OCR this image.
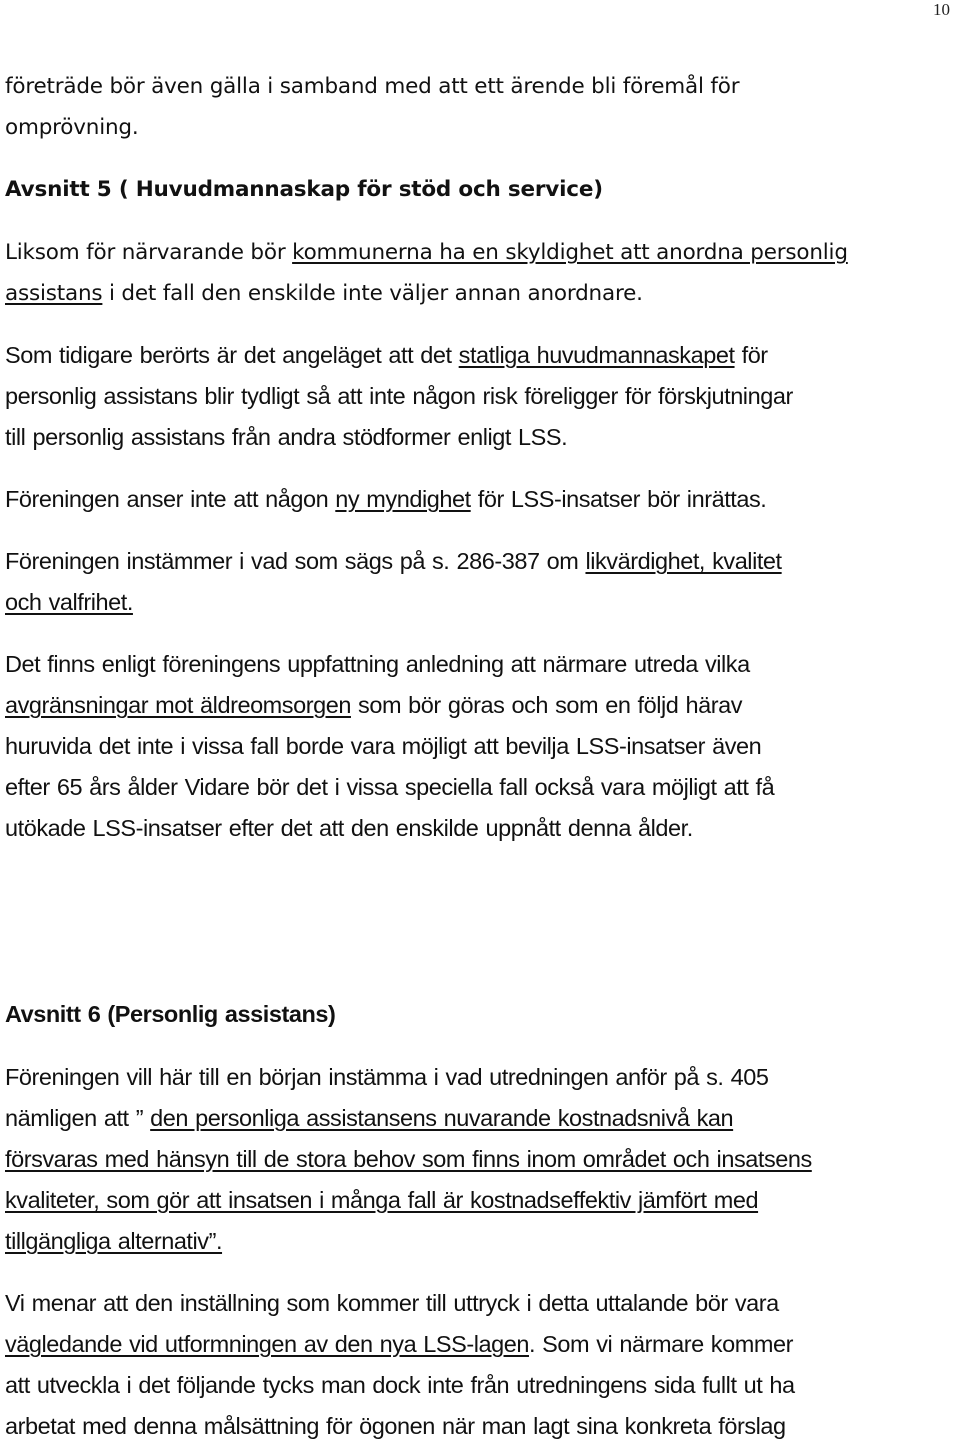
10

företräde bör även gälla i samband med att ett ärende bli föremål för

omprövning.

Avsnitt 5 ( Huvudmannaskap för stöd och service)

Liksom för närvarande bör kommunerna ha en skyldighet att anordna personlig

assistans i det fall den enskilde inte väljer annan anordnare.

Som tidigare berörts är det angeläget att det statliga huvudmannaskapet för

personlig assistans blir tydligt så att inte någon risk föreligger för förskjutningar

till personlig assistans från andra stödformer enligt LSS.

Föreningen anser inte att någon ny myndighet för LSS-insatser bör inrättas.

Föreningen instämmer i vad som sägs på s. 286-387 om likvärdighet, kvalitet

och valfrihet.

Det finns enligt föreningens uppfattning anledning att närmare utreda vilka

avgränsningar mot äldreomsorgen som bör göras och som en följd härav

huruvida det inte i vissa fall borde vara möjligt att bevilja LSS-insatser även

efter 65 års ålder Vidare bör det i vissa speciella fall också vara möjligt att få

utökade LSS-insatser efter det att den enskilde uppnått denna ålder.

Avsnitt 6 (Personlig assistans)

Föreningen vill här till en början instämma i vad utredningen anför på s. 405

nämligen att ” den personliga assistansens nuvarande kostnadsnivå kan

försvaras med hänsyn till de stora behov som finns inom området och insatsens

kvaliteter, som gör att insatsen i många fall är kostnadseffektiv jämfört med

tillgängliga alternativ”.

Vi menar att den inställning som kommer till uttryck i detta uttalande bör vara

vägledande vid utformningen av den nya LSS-lagen. Som vi närmare kommer

att utveckla i det följande tycks man dock inte från utredningens sida fullt ut ha

arbetat med denna målsättning för ögonen när man lagt sina konkreta förslag
